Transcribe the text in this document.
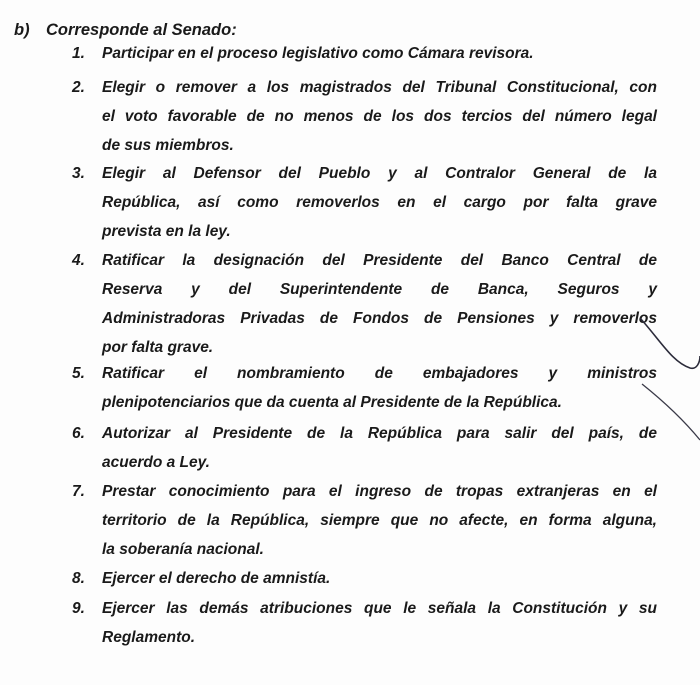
b) Corresponde al Senado:
1.	Participar en el proceso legislativo como Cámara revisora.
2.	Elegir o remover a los magistrados del Tribunal Constitucional, con
el voto favorable de no menos de los dos tercios del número legal
de sus miembros.
3.	Elegir al Defensor del Pueblo y al Contralor General de la
República, así como removerlos en el cargo por falta grave
prevista en la ley.
4.	Ratificar la designación del Presidente del Banco Central de
Reserva y del Superintendente de Banca, Seguros y
Administradoras Privadas de Fondos de Pensiones y removerlos
por falta grave.
5.	Ratificar el nombramiento de embajadores y ministros
plenipotenciarios que da cuenta al Presidente de la República.
6.	Autorizar al Presidente de la República para salir del país, de
acuerdo a Ley.
7.	Prestar conocimiento para el ingreso de tropas extranjeras en el
territorio de la República, siempre que no afecte, en forma alguna,
la soberanía nacional.
8.	Ejercer el derecho de amnistía.
9.	Ejercer las demás atribuciones que le señala la Constitución y su
Reglamento.
